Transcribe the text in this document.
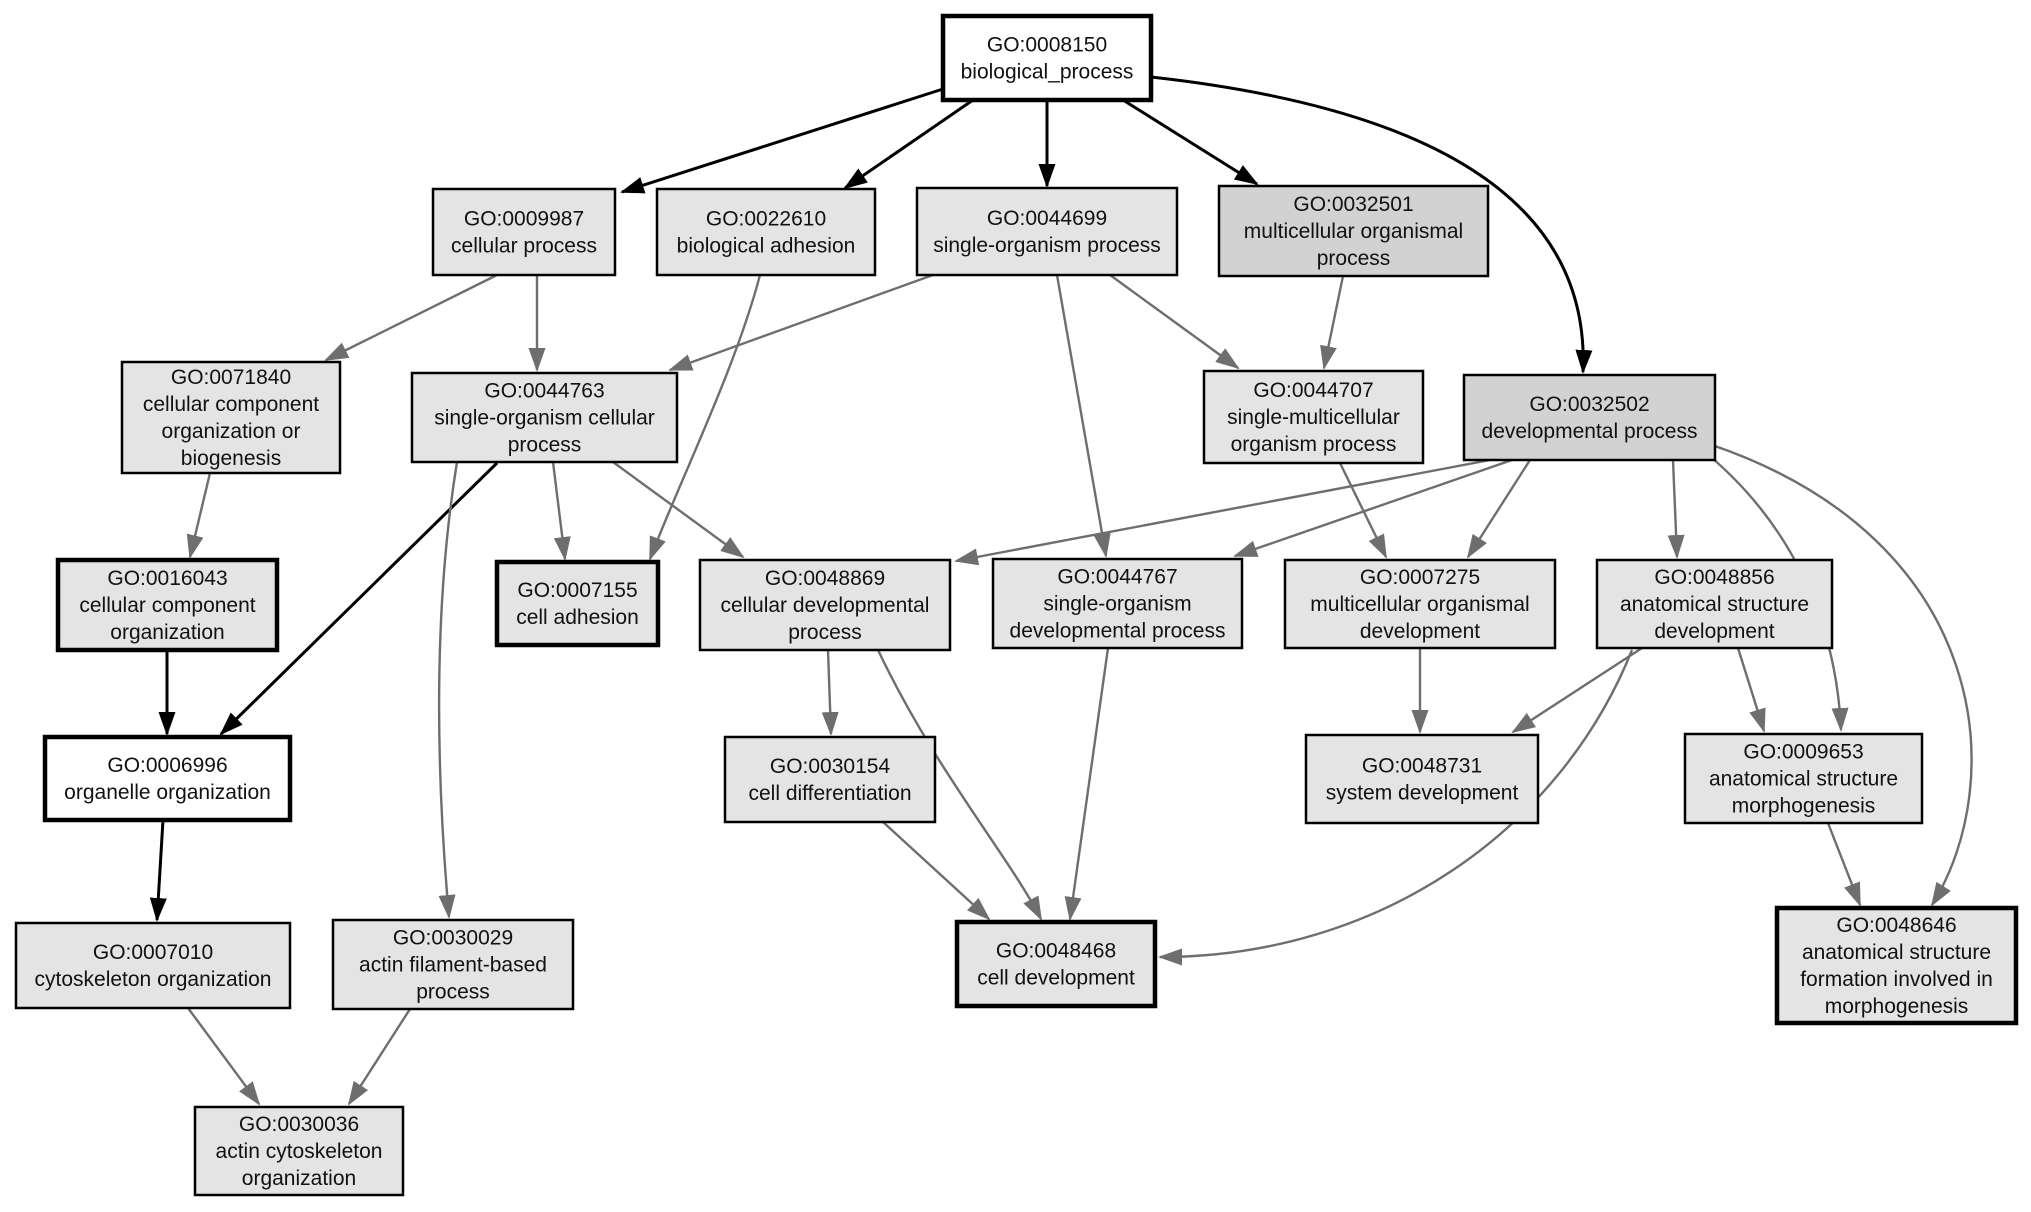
GO:0008150 biological_process
GO:0009987 cellular process
GO:0022610 biological adhesion
GO:0044699 single-organism process
GO:0032501 multicellular organismal process
GO:0071840 cellular component organization or biogenesis
GO:0044763 single-organism cellular process
GO:0044707 single-multicellular organism process
GO:0032502 developmental process
GO:0016043 cellular component organization
GO:0007155 cell adhesion
GO:0048869 cellular developmental process
GO:0044767 single-organism developmental process
GO:0007275 multicellular organismal development
GO:0048856 anatomical structure development
GO:0006996 organelle organization
GO:0030154 cell differentiation
GO:0048731 system development
GO:0009653 anatomical structure morphogenesis
GO:0007010 cytoskeleton organization
GO:0030029 actin filament-based process
GO:0048468 cell development
GO:0048646 anatomical structure formation involved in morphogenesis
GO:0030036 actin cytoskeleton organization
